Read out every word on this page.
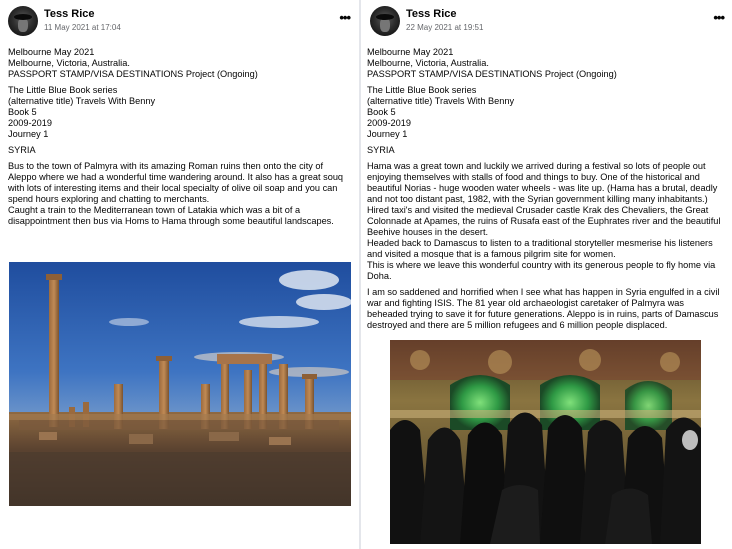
Tess Rice
11 May 2021 at 17:04
•••

Melbourne May 2021
Melbourne, Victoria, Australia.
PASSPORT STAMP/VISA DESTINATIONS Project (Ongoing)

The Little Blue Book series
(alternative title) Travels With Benny
Book 5
2009-2019
Journey 1

SYRIA

Bus to the town of Palmyra with its amazing Roman ruins then onto the city of Aleppo where we had a wonderful time wandering around. It also has a great souq with lots of interesting items and their local specialty of olive oil soap and you can spend hours exploring and chatting to merchants.
Caught a train to the Mediterranean town of Latakia which was a bit of a disappointment then bus via Homs to Hama through some beautiful landscapes.

Tess Rice
22 May 2021 at 19:51
•••

Melbourne May 2021
Melbourne, Victoria, Australia.
PASSPORT STAMP/VISA DESTINATIONS Project (Ongoing)

The Little Blue Book series
(alternative title) Travels With Benny
Book 5
2009-2019
Journey 1

SYRIA

Hama was a great town and luckily we arrived during a festival so lots of people out enjoying themselves with stalls of food and things to buy. One of the historical and beautiful Norias - huge wooden water wheels - was lite up. (Hama has a brutal, deadly and not too distant past, 1982, with the Syrian government killing many inhabitants.)
Hired taxi's and visited the medieval Crusader castle Krak des Chevaliers, the Great Colonnade at Apames, the ruins of Rusafa east of the Euphrates river and the beautiful Beehive houses in the desert.
Headed back to Damascus to listen to a traditional storyteller mesmerise his listeners and visited a mosque that is a famous pilgrim site for women.
This is where we leave this wonderful country with its generous people to fly home via Doha.

I am so saddened and horrified when I see what has happen in Syria engulfed in a civil war and fighting ISIS. The 81 year old archaeologist caretaker of Palmyra was beheaded trying to save it for future generations. Aleppo is in ruins, parts of Damascus destroyed and there are 5 million refugees and 6 million people displaced.
